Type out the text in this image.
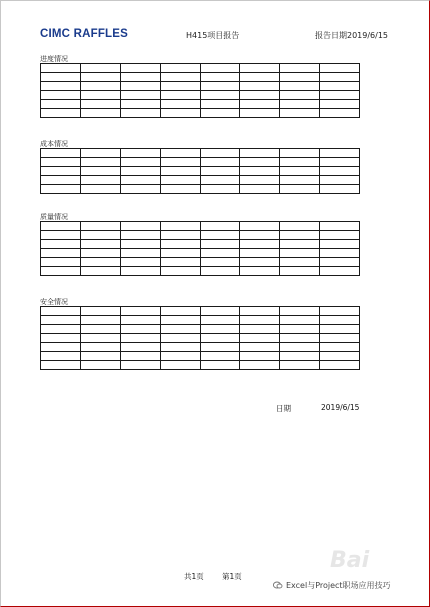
CIMC RAFFLES	H415项目报告	报告日期2019/6/15
进度情况

成本情况

质量情况

安全情况

日期	2019/6/15
共1页 第1页
Bai
Excel与Project职场应用技巧
